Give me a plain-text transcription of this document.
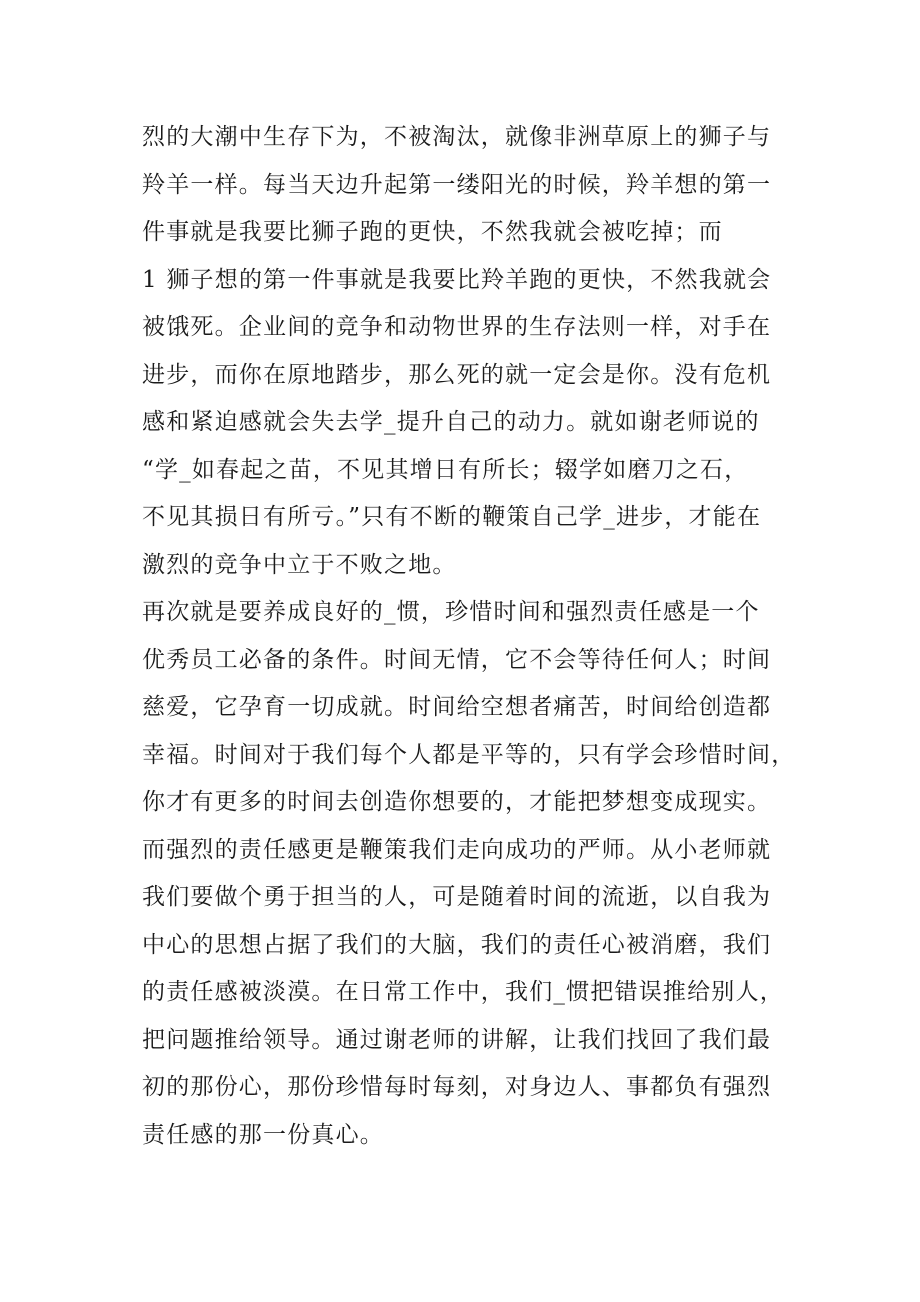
烈的大潮中生存下为，不被淘汰，就像非洲草原上的狮子与
羚羊一样。每当天边升起第一缕阳光的时候，羚羊想的第一
件事就是我要比狮子跑的更快，不然我就会被吃掉；而
1 狮子想的第一件事就是我要比羚羊跑的更快，不然我就会
被饿死。企业间的竞争和动物世界的生存法则一样，对手在
进步，而你在原地踏步，那么死的就一定会是你。没有危机
感和紧迫感就会失去学_提升自己的动力。就如谢老师说的
“学_如春起之苗，不见其增日有所长；辍学如磨刀之石，
不见其损日有所亏。”只有不断的鞭策自己学_进步，才能在
激烈的竞争中立于不败之地。
再次就是要养成良好的_惯，珍惜时间和强烈责任感是一个
优秀员工必备的条件。时间无情，它不会等待任何人；时间
慈爱，它孕育一切成就。时间给空想者痛苦，时间给创造都
幸福。时间对于我们每个人都是平等的，只有学会珍惜时间，
你才有更多的时间去创造你想要的，才能把梦想变成现实。
而强烈的责任感更是鞭策我们走向成功的严师。从小老师就
我们要做个勇于担当的人，可是随着时间的流逝，以自我为
中心的思想占据了我们的大脑，我们的责任心被消磨，我们
的责任感被淡漠。在日常工作中，我们_惯把错误推给别人，
把问题推给领导。通过谢老师的讲解，让我们找回了我们最
初的那份心，那份珍惜每时每刻，对身边人、事都负有强烈
责任感的那一份真心。
